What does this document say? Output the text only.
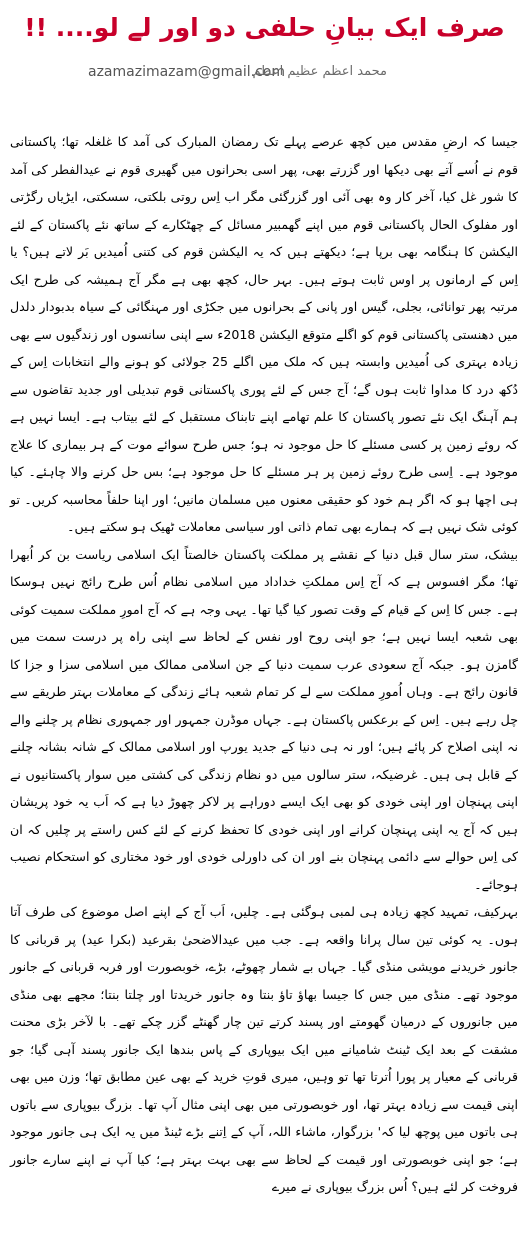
صرف ایک بیانِ حلفی دو اور لے لو.... !!
azamazimazam@gmail.com
محمد اعظم عظیم اعظم

جیسا کہ ارضِ مقدس میں کچھ عرصے پہلے تک رمضان المبارک کی آمد کا غلغلہ تھا؛ پاکستانی قوم نے اُسے آتے بھی دیکھا اور گزرتے بھی، پھر اسی بحرانوں میں گھیری قوم نے عیدالفطر کی آمد کا شور غل کیا، آخر کار وہ بھی آئی اور گزرگئی مگر اب اِس روتی بلکتی، سسکتی، ایڑیاں رگڑتی اور مفلوک الحال پاکستانی قوم میں اپنے گھمبیر مسائل کے چھٹکارے کے ساتھ نئے پاکستان کے لئے الیکشن کا ہنگامہ بھی برپا ہے؛ دیکھتے ہیں کہ یہ الیکشن قوم کی کتنی اُمیدیں بَر لاتے ہیں؟ یا اِس کے ارمانوں پر اوس ثابت ہوتے ہیں۔ بہر حال، کچھ بھی ہے مگر آج ہمیشہ کی طرح ایک مرتبہ پھر توانائی، بجلی، گیس اور پانی کے بحرانوں میں جکڑی اور مہنگائی کے سیاہ بدبودار دلدل میں دھنستی پاکستانی قوم کو اگلے متوقع الیکشن 2018ء سے اپنی سانسوں اور زندگیوں سے بھی زیادہ بہتری کی اُمیدیں وابستہ ہیں کہ ملک میں اگلے 25 جولائی کو ہونے والے انتخابات اِس کے دُکھ درد کا مداوا ثابت ہوں گے؛ آج جس کے لئے پوری پاکستانی قوم تبدیلی اور جدید تقاضوں سے ہم آہنگ ایک نئے تصور پاکستان کا علم تھامے اپنے تابناک مستقبل کے لئے بیتاب ہے۔ ایسا نہیں ہے کہ روئے زمین پر کسی مسئلے کا حل موجود نہ ہو؛ جس طرح سوائے موت کے ہر بیماری کا علاج موجود ہے۔ اِسی طرح روئے زمین پر ہر مسئلے کا حل موجود ہے؛ بس حل کرنے والا چاہئے۔ کیا ہی اچھا ہو کہ اگر ہم خود کو حقیقی معنوں میں مسلمان مانیں؛ اور اپنا حلفاً محاسبہ کریں۔ تو کوئی شک نہیں ہے کہ ہمارے بھی تمام ذاتی اور سیاسی معاملات ٹھیک ہو سکتے ہیں۔

بیشک، ستر سال قبل دنیا کے نقشے پر مملکت پاکستان خالصتاً ایک اسلامی ریاست بن کر اُبھرا تھا؛ مگر افسوس ہے کہ آج اِس مملکتِ خداداد میں اسلامی نظام اُس طرح رائج نہیں ہوسکا ہے۔ جس کا اِس کے قیام کے وقت تصور کیا گیا تھا۔ یہی وجہ ہے کہ آج امورِ مملکت سمیت کوئی بھی شعبہ ایسا نہیں ہے؛ جو اپنی روح اور نفس کے لحاظ سے اپنی راہ پر درست سمت میں گامزن ہو۔ جبکہ آج سعودی عرب سمیت دنیا کے جن اسلامی ممالک میں اسلامی سزا و جزا کا قانون رائج ہے۔ وہاں اُمورِ مملکت سے لے کر تمام شعبہ ہائے زندگی کے معاملات بہتر طریقے سے چل رہے ہیں۔ اِس کے برعکس پاکستان ہے۔ جہاں موڈرن جمہور اور جمہوری نظام پر چلنے والے نہ اپنی اصلاح کر پائے ہیں؛ اور نہ ہی دنیا کے جدید یورپ اور اسلامی ممالک کے شانہ بشانہ چلنے کے قابل ہی ہیں۔ غرضیکہ، ستر سالوں میں دو نظام زندگی کی کشتی میں سوار پاکستانیوں نے اپنی پہنچان اور اپنی خودی کو بھی ایک ایسے دوراہے پر لاکر چھوڑ دیا ہے کہ اَب یہ خود پریشان ہیں کہ آج یہ اپنی پہنچان کرانے اور اپنی خودی کا تحفظ کرنے کے لئے کس راستے پر چلیں کہ ان کی اِس حوالے سے دائمی پہنچان بنے اور ان کی داورلی خودی اور خود مختاری کو استحکام نصیب ہوجائے۔

بہرکیف، تمہید کچھ زیادہ ہی لمبی ہوگئی ہے۔ چلیں، اَب آج کے اپنے اصل موضوع کی طرف آتا ہوں۔ یہ کوئی تین سال پرانا واقعہ ہے۔ جب میں عیدالاضحیٰ بقرعید (بکرا عید) پر قربانی کا جانور خریدنے مویشی منڈی گیا۔ جہاں بے شمار چھوٹے، بڑے، خوبصورت اور فربہ قربانی کے جانور موجود تھے۔ منڈی میں جس کا جیسا بھاؤ تاؤ بنتا وہ جانور خریدتا اور چلتا بنتا؛ مجھے بھی منڈی میں جانوروں کے درمیان گھومتے اور پسند کرتے تین چار گھنٹے گزر چکے تھے۔ با لآخر بڑی محنت مشقت کے بعد ایک ٹینٹ شامیانے میں ایک بیوپاری کے پاس بندھا ایک جانور پسند آہی گیا؛ جو قربانی کے معیار پر پورا اُترتا تھا تو وہیں، میری قوتِ خرید کے بھی عین مطابق تھا؛ وزن میں بھی اپنی قیمت سے زیادہ بہتر تھا، اور خوبصورتی میں بھی اپنی مثال آپ تھا۔ بزرگ بیوپاری سے باتوں ہی باتوں میں پوچھ لیا کہ' بزرگوار، ماشاء اللہ، آپ کے اِتنے بڑے ٹینڈ میں یہ ایک ہی جانور موجود ہے؛ جو اپنی خوبصورتی اور قیمت کے لحاظ سے بھی بہت بہتر ہے؛ کیا آپ نے اپنے سارے جانور فروخت کر لئے ہیں؟ اُس بزرگ بیوپاری نے میرے
